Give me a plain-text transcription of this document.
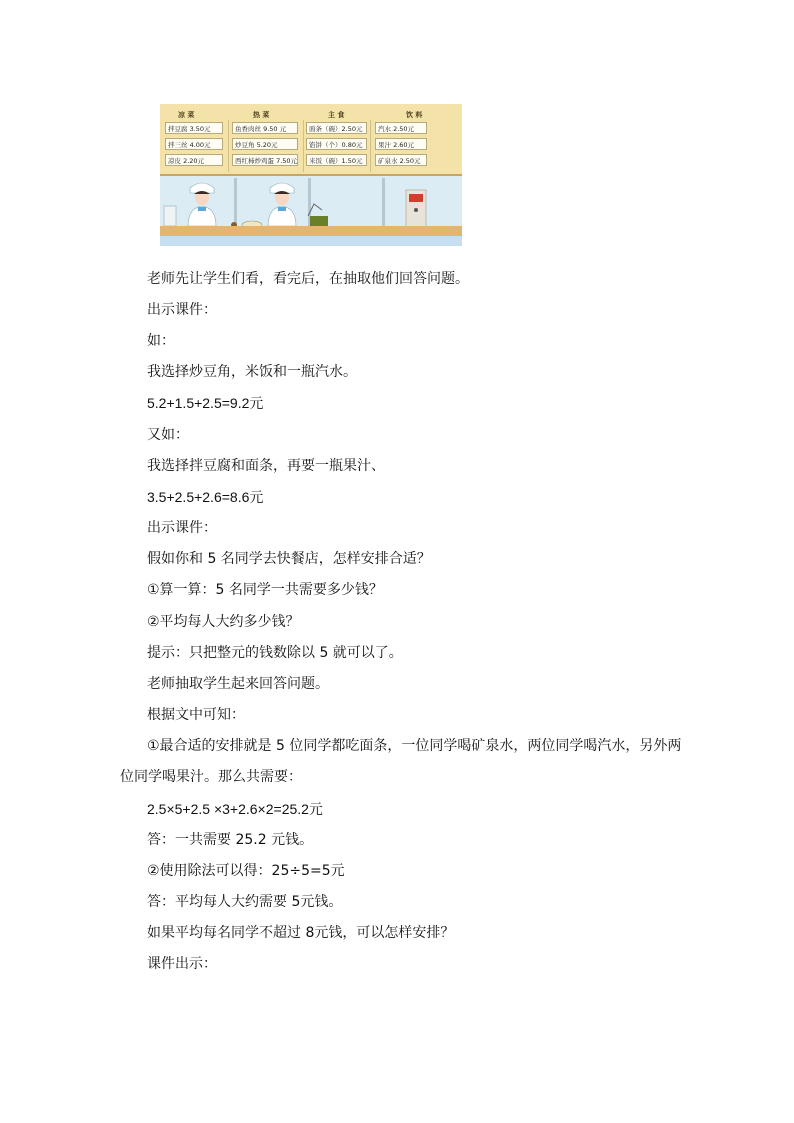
凉 菜	热 菜	主 食	饮 料
拌豆腐 3.50元	鱼香肉丝 9.50 元	面条（碗）2.50元	汽水 2.50元
拌三丝 4.00元	炒豆角 5.20元	馅饼（个）0.80元	果汁 2.60元
凉皮 2.20元	西红柿炒鸡蛋 7.50元	米饭（碗）1.50元	矿泉水 2.50元
老师先让学生们看，看完后，在抽取他们回答问题。
出示课件：
如：
我选择炒豆角，米饭和一瓶汽水。
5.2+1.5+2.5=9.2元
又如：
我选择拌豆腐和面条，再要一瓶果汁、
3.5+2.5+2.6=8.6元
出示课件：
假如你和 5 名同学去快餐店，怎样安排合适？
①算一算：5 名同学一共需要多少钱？
②平均每人大约多少钱？
提示：只把整元的钱数除以 5 就可以了。
老师抽取学生起来回答问题。
根据文中可知：
①最合适的安排就是 5 位同学都吃面条，一位同学喝矿泉水，两位同学喝汽水，另外两
位同学喝果汁。那么共需要：
2.5×5+2.5 ×3+2.6×2=25.2元
答：一共需要 25.2 元钱。
②使用除法可以得：25÷5=5元
答：平均每人大约需要 5元钱。
如果平均每名同学不超过 8元钱，可以怎样安排？
课件出示：
